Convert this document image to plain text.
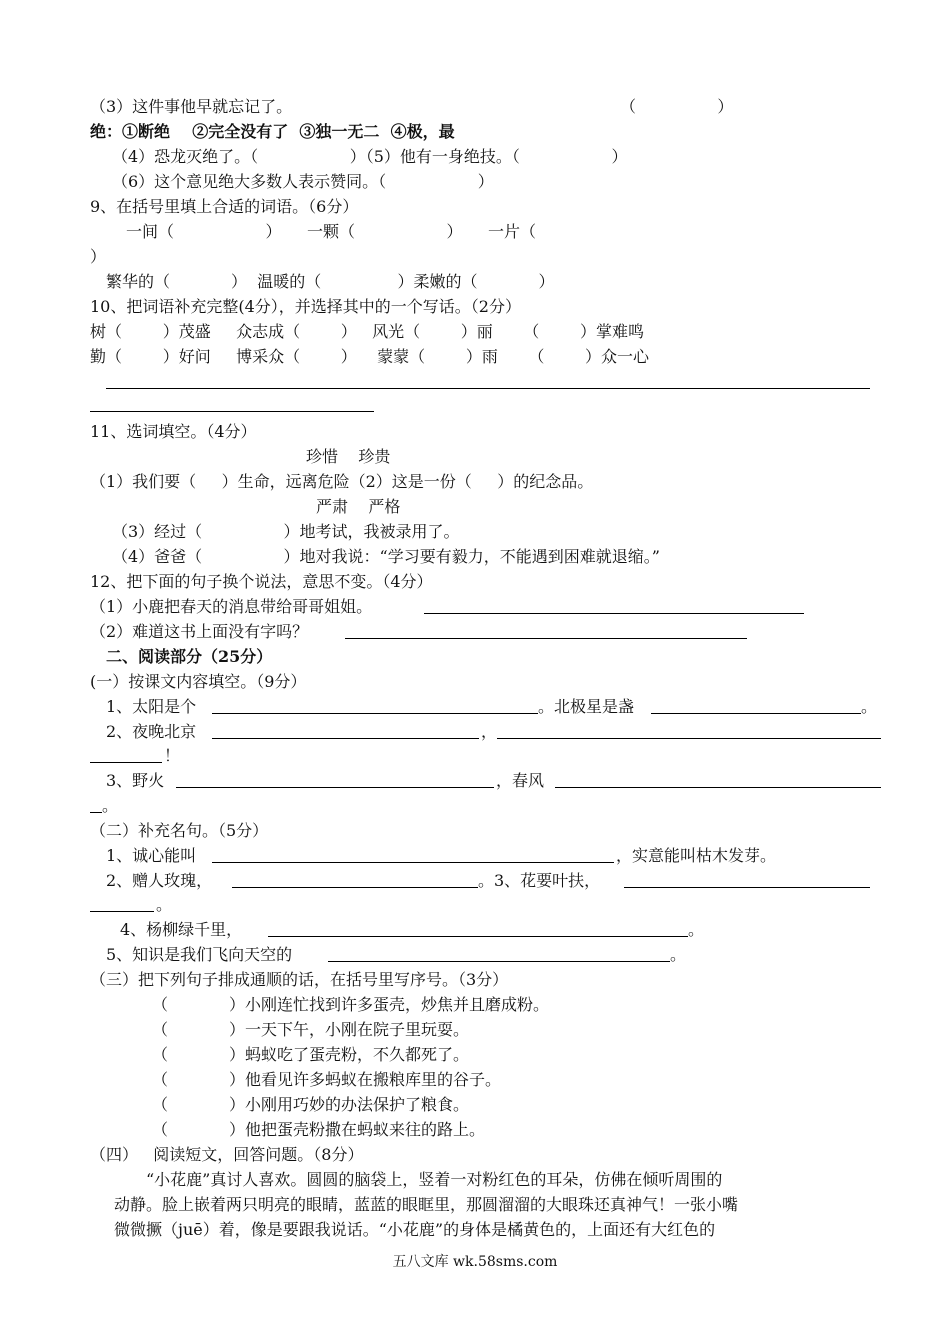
（3）这件事他早就忘记了。	（                ）
绝：①断绝    ②完全没有了  ③独一无二  ④极，最
（4）恐龙灭绝了。（                  ）（5）他有一身绝技。（                  ）
（6）这个意见绝大多数人表示赞同。（                  ）
9、在括号里填上合适的词语。（6分）
一间（                  ）     一颗（                  ）     一片（
）
繁华的（            ）  温暖的（               ）柔嫩的（            ）
10、把词语补充完整(4分），并选择其中的一个写话。（2分）
树（        ）茂盛     众志成（        ）   风光（        ）丽      （        ）掌难鸣
勤（        ）好问     博采众（        ）    蒙蒙（        ）雨      （        ）众一心
11、选词填空。（4分）
珍惜    珍贵
（1）我们要（     ）生命，远离危险（2）这是一份（     ）的纪念品。
严肃    严格
（3）经过（                ）地考试，我被录用了。
（4）爸爸（                ）地对我说：“学习要有毅力，不能遇到困难就退缩。”
12、把下面的句子换个说法，意思不变。（4分）
（1）小鹿把春天的消息带给哥哥姐姐。
（2）难道这书上面没有字吗？
二、阅读部分（25分）
(一）按课文内容填空。（9分）
1、太阳是个	。北极星是盏	。
2、夜晚北京	，
！
3、野火	，春风
。
（二）补充名句。（5分）
1、诚心能叫	，实意能叫枯木发芽。
2、赠人玫瑰，	。3、花要叶扶，
。
4、杨柳绿千里，	。
5、知识是我们飞向天空的	。
（三）把下列句子排成通顺的话，在括号里写序号。（3分）
（            ）小刚连忙找到许多蛋壳，炒焦并且磨成粉。
（            ）一天下午，小刚在院子里玩耍。
（            ）蚂蚁吃了蛋壳粉，不久都死了。
（            ）他看见许多蚂蚁在搬粮库里的谷子。
（            ）小刚用巧妙的办法保护了粮食。
（            ）他把蛋壳粉撒在蚂蚁来往的路上。
（四）   阅读短文，回答问题。（8分）
“小花鹿”真讨人喜欢。圆圆的脑袋上，竖着一对粉红色的耳朵，仿佛在倾听周围的
动静。脸上嵌着两只明亮的眼睛，蓝蓝的眼眶里，那圆溜溜的大眼珠还真神气！一张小嘴
微微撅（juē）着，像是要跟我说话。“小花鹿”的身体是橘黄色的，上面还有大红色的
五八文库 wk.58sms.com
